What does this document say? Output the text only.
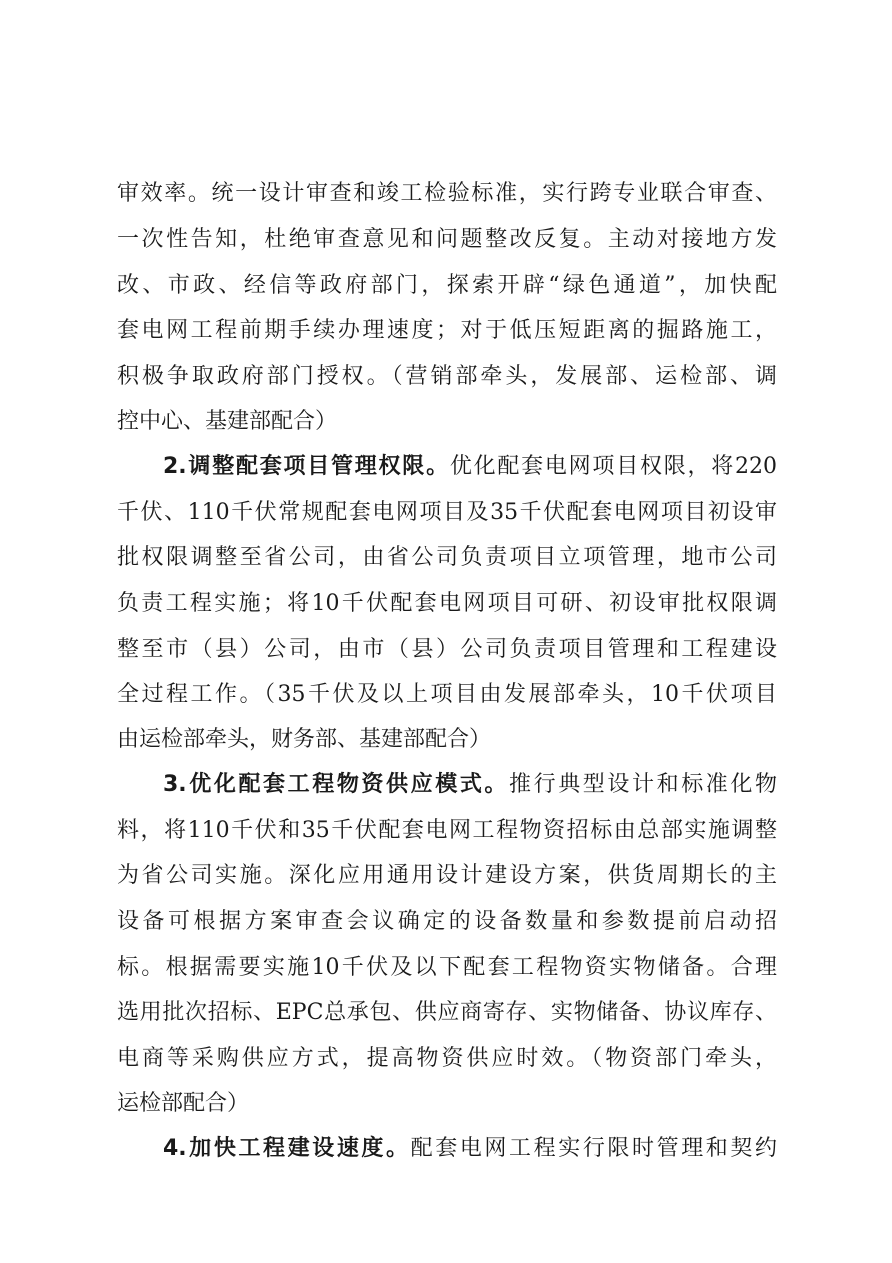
审效率。统一设计审查和竣工检验标准，实行跨专业联合审查、
一次性告知，杜绝审查意见和问题整改反复。主动对接地方发
改、市政、经信等政府部门，探索开辟“绿色通道”，加快配
套电网工程前期手续办理速度；对于低压短距离的掘路施工，
积极争取政府部门授权。（营销部牵头，发展部、运检部、调
控中心、基建部配合）
2.调整配套项目管理权限。优化配套电网项目权限，将220
千伏、110千伏常规配套电网项目及35千伏配套电网项目初设审
批权限调整至省公司，由省公司负责项目立项管理，地市公司
负责工程实施；将10千伏配套电网项目可研、初设审批权限调
整至市（县）公司，由市（县）公司负责项目管理和工程建设
全过程工作。（35千伏及以上项目由发展部牵头，10千伏项目
由运检部牵头，财务部、基建部配合）
3.优化配套工程物资供应模式。推行典型设计和标准化物
料，将110千伏和35千伏配套电网工程物资招标由总部实施调整
为省公司实施。深化应用通用设计建设方案，供货周期长的主
设备可根据方案审查会议确定的设备数量和参数提前启动招
标。根据需要实施10千伏及以下配套工程物资实物储备。合理
选用批次招标、EPC总承包、供应商寄存、实物储备、协议库存、
电商等采购供应方式，提高物资供应时效。（物资部门牵头，
运检部配合）
4.加快工程建设速度。配套电网工程实行限时管理和契约
